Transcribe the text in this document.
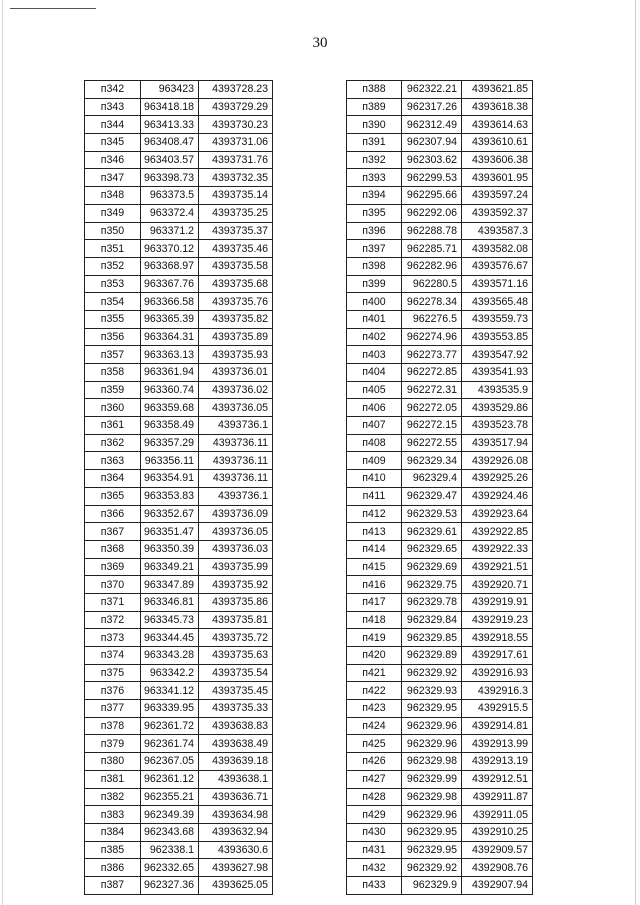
30
п342	963423	4393728.23
п343	963418.18	4393729.29
п344	963413.33	4393730.23
п345	963408.47	4393731.06
п346	963403.57	4393731.76
п347	963398.73	4393732.35
п348	963373.5	4393735.14
п349	963372.4	4393735.25
п350	963371.2	4393735.37
п351	963370.12	4393735.46
п352	963368.97	4393735.58
п353	963367.76	4393735.68
п354	963366.58	4393735.76
п355	963365.39	4393735.82
п356	963364.31	4393735.89
п357	963363.13	4393735.93
п358	963361.94	4393736.01
п359	963360.74	4393736.02
п360	963359.68	4393736.05
п361	963358.49	4393736.1
п362	963357.29	4393736.11
п363	963356.11	4393736.11
п364	963354.91	4393736.11
п365	963353.83	4393736.1
п366	963352.67	4393736.09
п367	963351.47	4393736.05
п368	963350.39	4393736.03
п369	963349.21	4393735.99
п370	963347.89	4393735.92
п371	963346.81	4393735.86
п372	963345.73	4393735.81
п373	963344.45	4393735.72
п374	963343.28	4393735.63
п375	963342.2	4393735.54
п376	963341.12	4393735.45
п377	963339.95	4393735.33
п378	962361.72	4393638.83
п379	962361.74	4393638.49
п380	962367.05	4393639.18
п381	962361.12	4393638.1
п382	962355.21	4393636.71
п383	962349.39	4393634.98
п384	962343.68	4393632.94
п385	962338.1	4393630.6
п386	962332.65	4393627.98
п387	962327.36	4393625.05
п388	962322.21	4393621.85
п389	962317.26	4393618.38
п390	962312.49	4393614.63
п391	962307.94	4393610.61
п392	962303.62	4393606.38
п393	962299.53	4393601.95
п394	962295.66	4393597.24
п395	962292.06	4393592.37
п396	962288.78	4393587.3
п397	962285.71	4393582.08
п398	962282.96	4393576.67
п399	962280.5	4393571.16
п400	962278.34	4393565.48
п401	962276.5	4393559.73
п402	962274.96	4393553.85
п403	962273.77	4393547.92
п404	962272.85	4393541.93
п405	962272.31	4393535.9
п406	962272.05	4393529.86
п407	962272.15	4393523.78
п408	962272.55	4393517.94
п409	962329.34	4392926.08
п410	962329.4	4392925.26
п411	962329.47	4392924.46
п412	962329.53	4392923.64
п413	962329.61	4392922.85
п414	962329.65	4392922.33
п415	962329.69	4392921.51
п416	962329.75	4392920.71
п417	962329.78	4392919.91
п418	962329.84	4392919.23
п419	962329.85	4392918.55
п420	962329.89	4392917.61
п421	962329.92	4392916.93
п422	962329.93	4392916.3
п423	962329.95	4392915.5
п424	962329.96	4392914.81
п425	962329.96	4392913.99
п426	962329.98	4392913.19
п427	962329.99	4392912.51
п428	962329.98	4392911.87
п429	962329.96	4392911.05
п430	962329.95	4392910.25
п431	962329.95	4392909.57
п432	962329.92	4392908.76
п433	962329.9	4392907.94
